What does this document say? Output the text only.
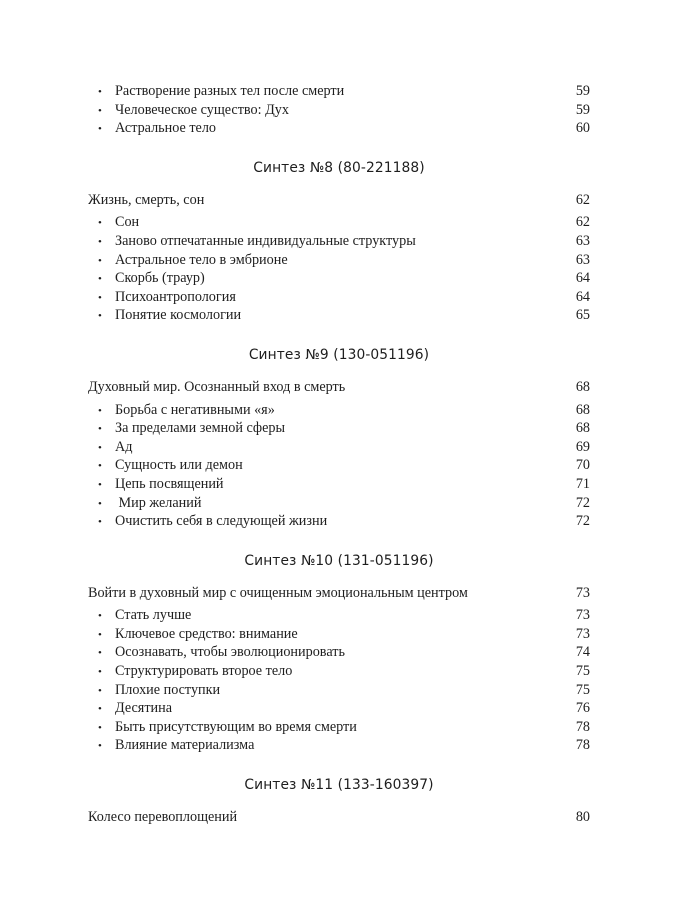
• Растворение разных тел после смерти	59
• Человеческое существо: Дух	59
• Астральное тело	60
Синтез №8 (80-221188)
Жизнь, смерть, сон	62
• Сон	62
• Заново отпечатанные индивидуальные структуры	63
• Астральное тело в эмбрионе	63
• Скорбь (траур)	64
• Психоантропология	64
• Понятие космологии	65
Синтез №9 (130-051196)
Духовный мир. Осознанный вход в смерть	68
• Борьба с негативными «я»	68
• За пределами земной сферы	68
• Ад	69
• Сущность или демон	70
• Цепь посвящений	71
• Мир желаний	72
• Очистить себя в следующей жизни	72
Синтез №10 (131-051196)
Войти в духовный мир с очищенным эмоциональным центром	73
• Стать лучше	73
• Ключевое средство: внимание	73
• Осознавать, чтобы эволюционировать	74
• Структурировать второе тело	75
• Плохие поступки	75
• Десятина	76
• Быть присутствующим во время смерти	78
• Влияние материализма	78
Синтез №11 (133-160397)
Колесо перевоплощений	80
